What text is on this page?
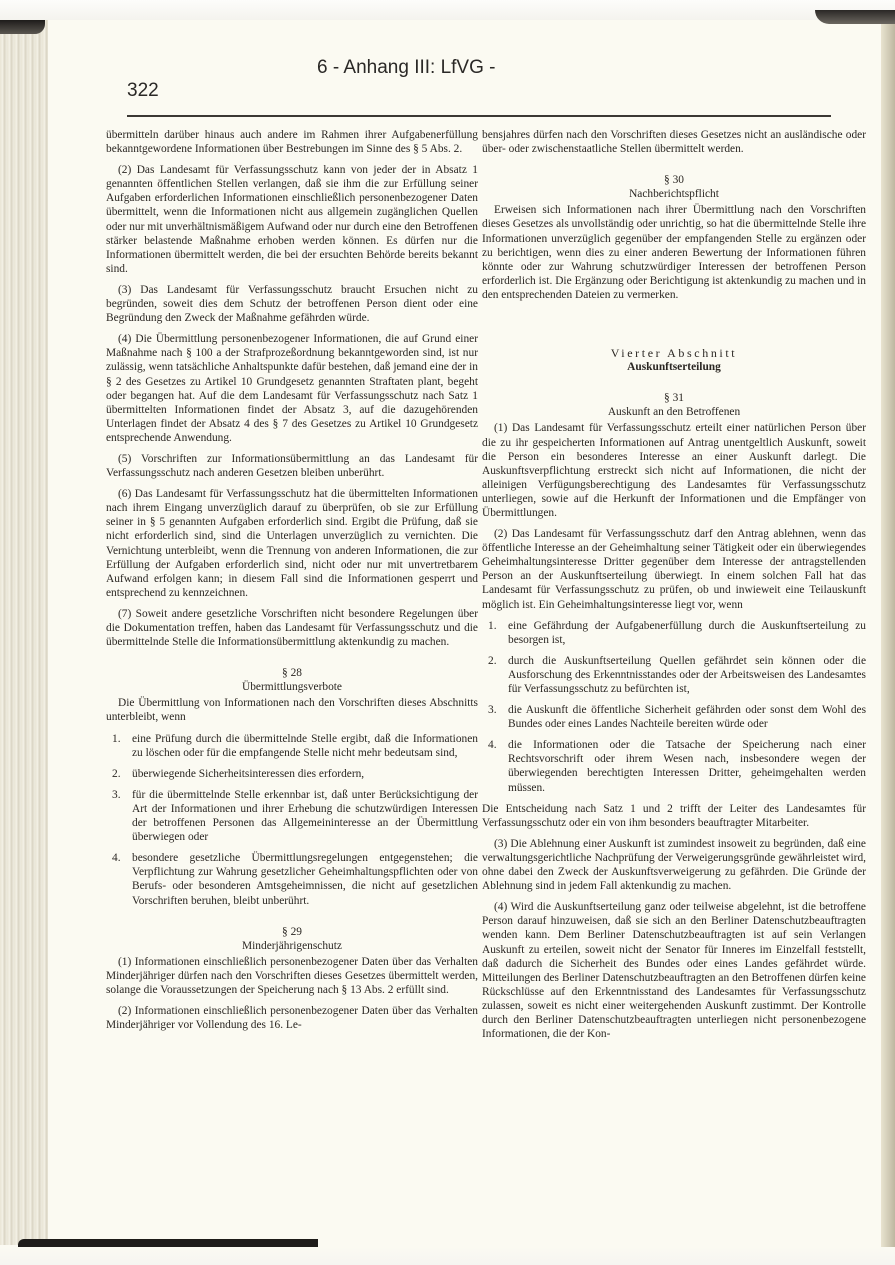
322
6 - Anhang III: LfVG -

übermitteln darüber hinaus auch andere im Rahmen ihrer Aufgabenerfüllung bekanntgewordene Informationen über Bestrebungen im Sinne des § 5 Abs. 2.

(2) Das Landesamt für Verfassungsschutz kann von jeder der in Absatz 1 genannten öffentlichen Stellen verlangen, daß sie ihm die zur Erfüllung seiner Aufgaben erforderlichen Informationen einschließlich personenbezogener Daten übermittelt, wenn die Informationen nicht aus allgemein zugänglichen Quellen oder nur mit unverhältnismäßigem Aufwand oder nur durch eine den Betroffenen stärker belastende Maßnahme erhoben werden können. Es dürfen nur die Informationen übermittelt werden, die bei der ersuchten Behörde bereits bekannt sind.

(3) Das Landesamt für Verfassungsschutz braucht Ersuchen nicht zu begründen, soweit dies dem Schutz der betroffenen Person dient oder eine Begründung den Zweck der Maßnahme gefährden würde.

(4) Die Übermittlung personenbezogener Informationen, die auf Grund einer Maßnahme nach § 100 a der Strafprozeßordnung bekanntgeworden sind, ist nur zulässig, wenn tatsächliche Anhaltspunkte dafür bestehen, daß jemand eine der in § 2 des Gesetzes zu Artikel 10 Grundgesetz genannten Straftaten plant, begeht oder begangen hat. Auf die dem Landesamt für Verfassungsschutz nach Satz 1 übermittelten Informationen findet der Absatz 3, auf die dazugehörenden Unterlagen findet der Absatz 4 des § 7 des Gesetzes zu Artikel 10 Grundgesetz entsprechende Anwendung.

(5) Vorschriften zur Informationsübermittlung an das Landesamt für Verfassungsschutz nach anderen Gesetzen bleiben unberührt.

(6) Das Landesamt für Verfassungsschutz hat die übermittelten Informationen nach ihrem Eingang unverzüglich darauf zu überprüfen, ob sie zur Erfüllung seiner in § 5 genannten Aufgaben erforderlich sind. Ergibt die Prüfung, daß sie nicht erforderlich sind, sind die Unterlagen unverzüglich zu vernichten. Die Vernichtung unterbleibt, wenn die Trennung von anderen Informationen, die zur Erfüllung der Aufgaben erforderlich sind, nicht oder nur mit unvertretbarem Aufwand erfolgen kann; in diesem Fall sind die Informationen gesperrt und entsprechend zu kennzeichnen.

(7) Soweit andere gesetzliche Vorschriften nicht besondere Regelungen über die Dokumentation treffen, haben das Landesamt für Verfassungsschutz und die übermittelnde Stelle die Informationsübermittlung aktenkundig zu machen.

§ 28

Übermittlungsverbote

Die Übermittlung von Informationen nach den Vorschriften dieses Abschnitts unterbleibt, wenn

1. eine Prüfung durch die übermittelnde Stelle ergibt, daß die Informationen zu löschen oder für die empfangende Stelle nicht mehr bedeutsam sind,
2. überwiegende Sicherheitsinteressen dies erfordern,
3. für die übermittelnde Stelle erkennbar ist, daß unter Berücksichtigung der Art der Informationen und ihrer Erhebung die schutzwürdigen Interessen der betroffenen Personen das Allgemeininteresse an der Übermittlung überwiegen oder
4. besondere gesetzliche Übermittlungsregelungen entgegenstehen; die Verpflichtung zur Wahrung gesetzlicher Geheimhaltungspflichten oder von Berufs- oder besonderen Amtsgeheimnissen, die nicht auf gesetzlichen Vorschriften beruhen, bleibt unberührt.

§ 29

Minderjährigenschutz

(1) Informationen einschließlich personenbezogener Daten über das Verhalten Minderjähriger dürfen nach den Vorschriften dieses Gesetzes übermittelt werden, solange die Voraussetzungen der Speicherung nach § 13 Abs. 2 erfüllt sind.

(2) Informationen einschließlich personenbezogener Daten über das Verhalten Minderjähriger vor Vollendung des 16. Le-

bensjahres dürfen nach den Vorschriften dieses Gesetzes nicht an ausländische oder über- oder zwischenstaatliche Stellen übermittelt werden.

§ 30

Nachberichtspflicht

Erweisen sich Informationen nach ihrer Übermittlung nach den Vorschriften dieses Gesetzes als unvollständig oder unrichtig, so hat die übermittelnde Stelle ihre Informationen unverzüglich gegenüber der empfangenden Stelle zu ergänzen oder zu berichtigen, wenn dies zu einer anderen Bewertung der Informationen führen könnte oder zur Wahrung schutzwürdiger Interessen der betroffenen Person erforderlich ist. Die Ergänzung oder Berichtigung ist aktenkundig zu machen und in den entsprechenden Dateien zu vermerken.

Vierter Abschnitt

Auskunftserteilung

§ 31

Auskunft an den Betroffenen

(1) Das Landesamt für Verfassungsschutz erteilt einer natürlichen Person über die zu ihr gespeicherten Informationen auf Antrag unentgeltlich Auskunft, soweit die Person ein besonderes Interesse an einer Auskunft darlegt. Die Auskunftsverpflichtung erstreckt sich nicht auf Informationen, die nicht der alleinigen Verfügungsberechtigung des Landesamtes für Verfassungsschutz unterliegen, sowie auf die Herkunft der Informationen und die Empfänger von Übermittlungen.

(2) Das Landesamt für Verfassungsschutz darf den Antrag ablehnen, wenn das öffentliche Interesse an der Geheimhaltung seiner Tätigkeit oder ein überwiegendes Geheimhaltungsinteresse Dritter gegenüber dem Interesse der antragstellenden Person an der Auskunftserteilung überwiegt. In einem solchen Fall hat das Landesamt für Verfassungsschutz zu prüfen, ob und inwieweit eine Teilauskunft möglich ist. Ein Geheimhaltungsinteresse liegt vor, wenn

1. eine Gefährdung der Aufgabenerfüllung durch die Auskunftserteilung zu besorgen ist,
2. durch die Auskunftserteilung Quellen gefährdet sein können oder die Ausforschung des Erkenntnisstandes oder der Arbeitsweisen des Landesamtes für Verfassungsschutz zu befürchten ist,
3. die Auskunft die öffentliche Sicherheit gefährden oder sonst dem Wohl des Bundes oder eines Landes Nachteile bereiten würde oder
4. die Informationen oder die Tatsache der Speicherung nach einer Rechtsvorschrift oder ihrem Wesen nach, insbesondere wegen der überwiegenden berechtigten Interessen Dritter, geheimgehalten werden müssen.

Die Entscheidung nach Satz 1 und 2 trifft der Leiter des Landesamtes für Verfassungsschutz oder ein von ihm besonders beauftragter Mitarbeiter.

(3) Die Ablehnung einer Auskunft ist zumindest insoweit zu begründen, daß eine verwaltungsgerichtliche Nachprüfung der Verweigerungsgründe gewährleistet wird, ohne dabei den Zweck der Auskunftsverweigerung zu gefährden. Die Gründe der Ablehnung sind in jedem Fall aktenkundig zu machen.

(4) Wird die Auskunftserteilung ganz oder teilweise abgelehnt, ist die betroffene Person darauf hinzuweisen, daß sie sich an den Berliner Datenschutzbeauftragten wenden kann. Dem Berliner Datenschutzbeauftragten ist auf sein Verlangen Auskunft zu erteilen, soweit nicht der Senator für Inneres im Einzelfall feststellt, daß dadurch die Sicherheit des Bundes oder eines Landes gefährdet würde. Mitteilungen des Berliner Datenschutzbeauftragten an den Betroffenen dürfen keine Rückschlüsse auf den Erkenntnisstand des Landesamtes für Verfassungsschutz zulassen, soweit es nicht einer weitergehenden Auskunft zustimmt. Der Kontrolle durch den Berliner Datenschutzbeauftragten unterliegen nicht personenbezogene Informationen, die der Kon-
